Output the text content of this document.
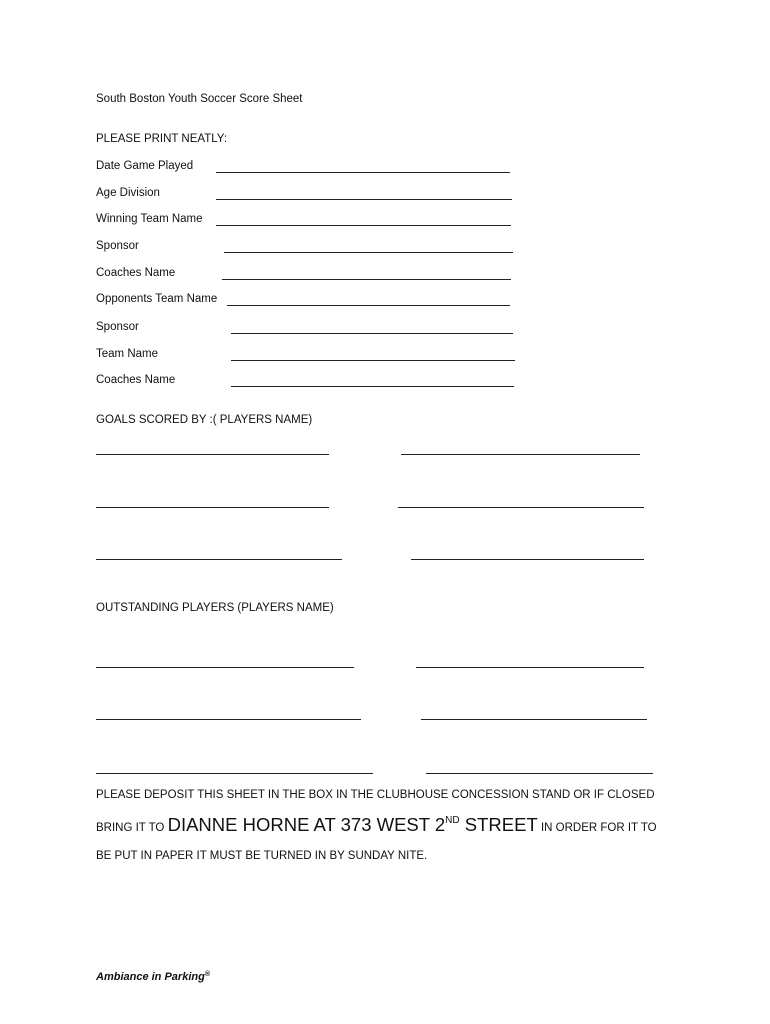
South Boston Youth Soccer Score Sheet
PLEASE PRINT NEATLY:
Date Game Played
Age Division
Winning Team Name
Sponsor
Coaches Name
Opponents Team Name
Sponsor
Team Name
Coaches Name
GOALS SCORED BY :( PLAYERS NAME)
OUTSTANDING PLAYERS (PLAYERS NAME)
PLEASE DEPOSIT THIS SHEET IN THE BOX IN THE CLUBHOUSE CONCESSION STAND OR IF CLOSED
BRING IT TO DIANNE HORNE AT 373 WEST 2ND STREET IN ORDER FOR IT TO
BE PUT IN PAPER IT MUST BE TURNED IN BY SUNDAY NITE.
Ambiance in Parking®
